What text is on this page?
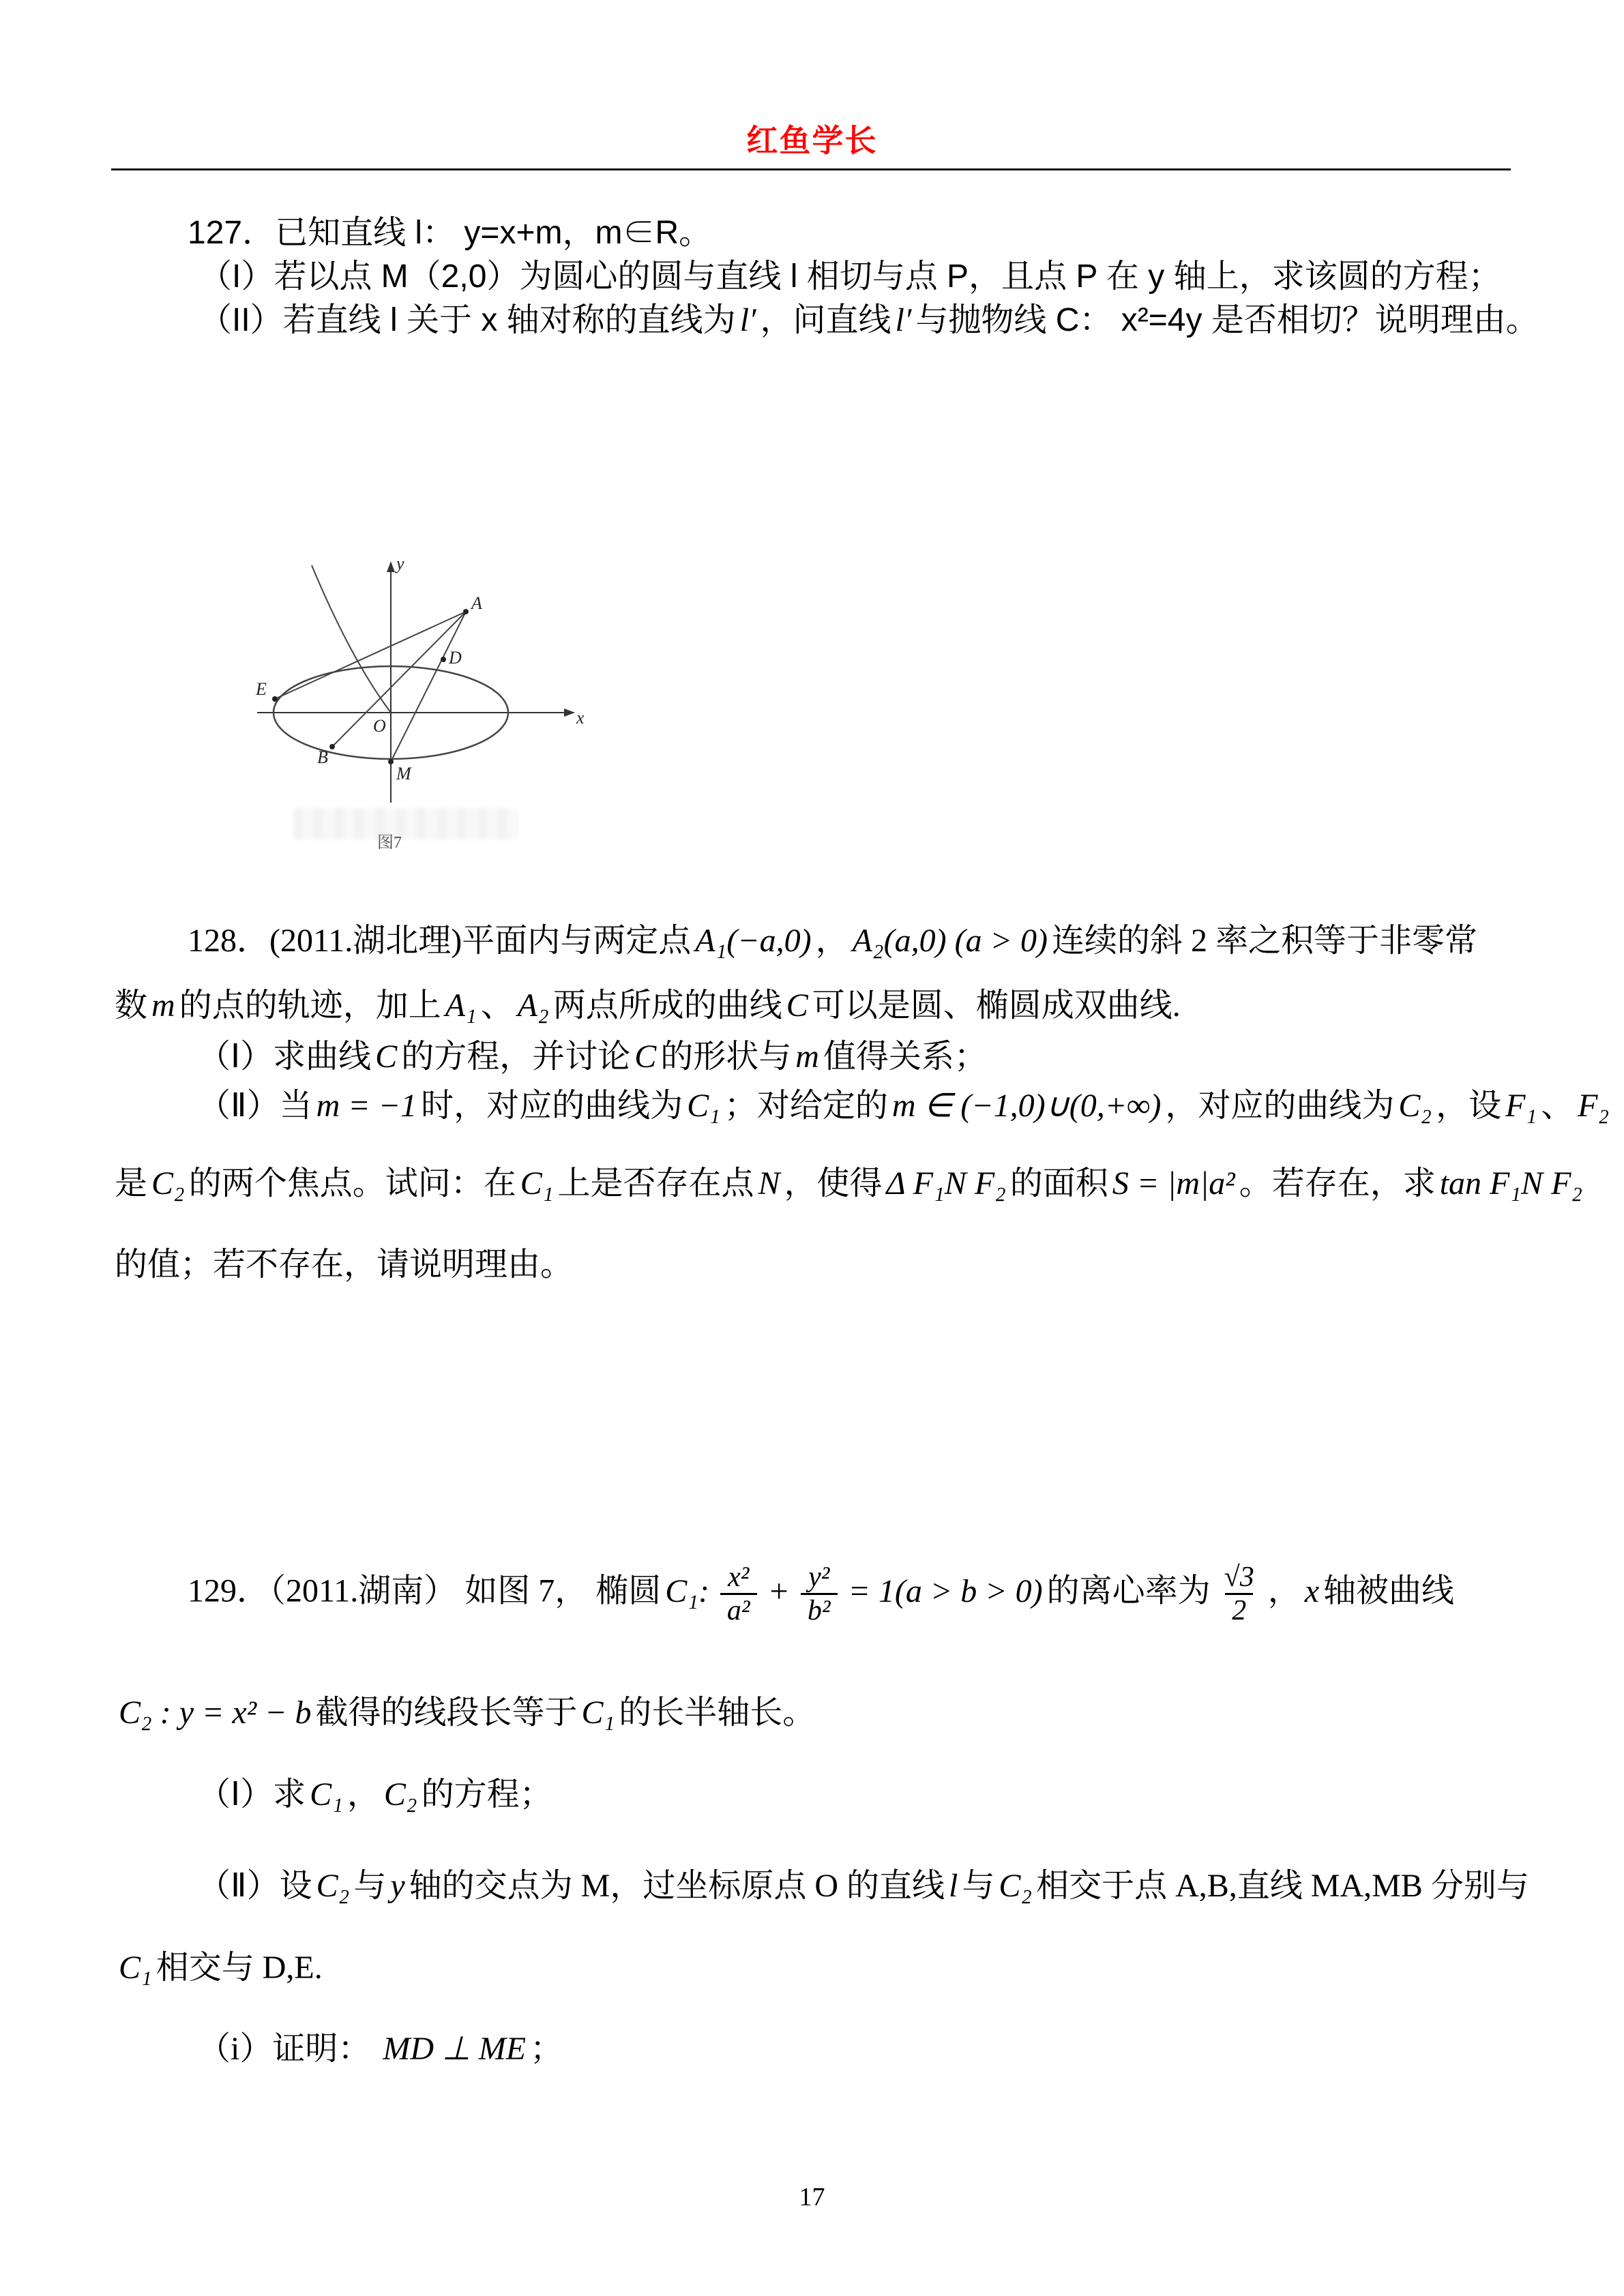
红鱼学长
127．已知直线 l： y=x+m，m∈R。
（I）若以点 M（2,0）为圆心的圆与直线 l 相切与点 P，且点 P 在 y 轴上，求该圆的方程；
（II）若直线 l 关于 x 轴对称的直线为 l′ ，问直线 l′ 与抛物线 C： x²=4y 是否相切？说明理由。
y
x
A
D
E
O
B
M
图7
128．(2011.湖北理)平面内与两定点 A₁(−a,0) ， A₂(a,0) (a > 0) 连续的斜 2 率之积等于非零常
数 m 的点的轨迹，加上 A₁ 、 A₂ 两点所成的曲线 C 可以是圆、椭圆成双曲线.
（Ⅰ）求曲线 C 的方程，并讨论 C 的形状与 m 值得关系；
（Ⅱ）当 m = −1 时，对应的曲线为 C₁ ；对给定的 m ∈ (−1,0)∪(0,+∞) ，对应的曲线为 C₂ ，设 F₁ 、 F₂
是 C₂ 的两个焦点。试问：在 C₁ 上是否存在点 N ，使得 Δ F₁N F₂ 的面积 S = |m|a² 。若存在，求 tan F₁N F₂
的值；若不存在，请说明理由。
129．（2011.湖南） 如图 7， 椭圆 C₁: $\frac{\text{x²}}{\text{a²}} + \frac{\text{y²}}{\text{b²}} = 1(a > b > 0)$ 的离心率为 $\frac{√3}{2}$ ， x 轴被曲线
C₂ : y = x² − b 截得的线段长等于 C₁ 的长半轴长。
（Ⅰ）求 C₁ ， C₂ 的方程；
（Ⅱ）设 C₂ 与 y 轴的交点为 M，过坐标原点 O 的直线 l 与 C₂ 相交于点 A,B,直线 MA,MB 分别与
C₁ 相交与 D,E.
（i）证明： MD ⊥ ME ；
17
